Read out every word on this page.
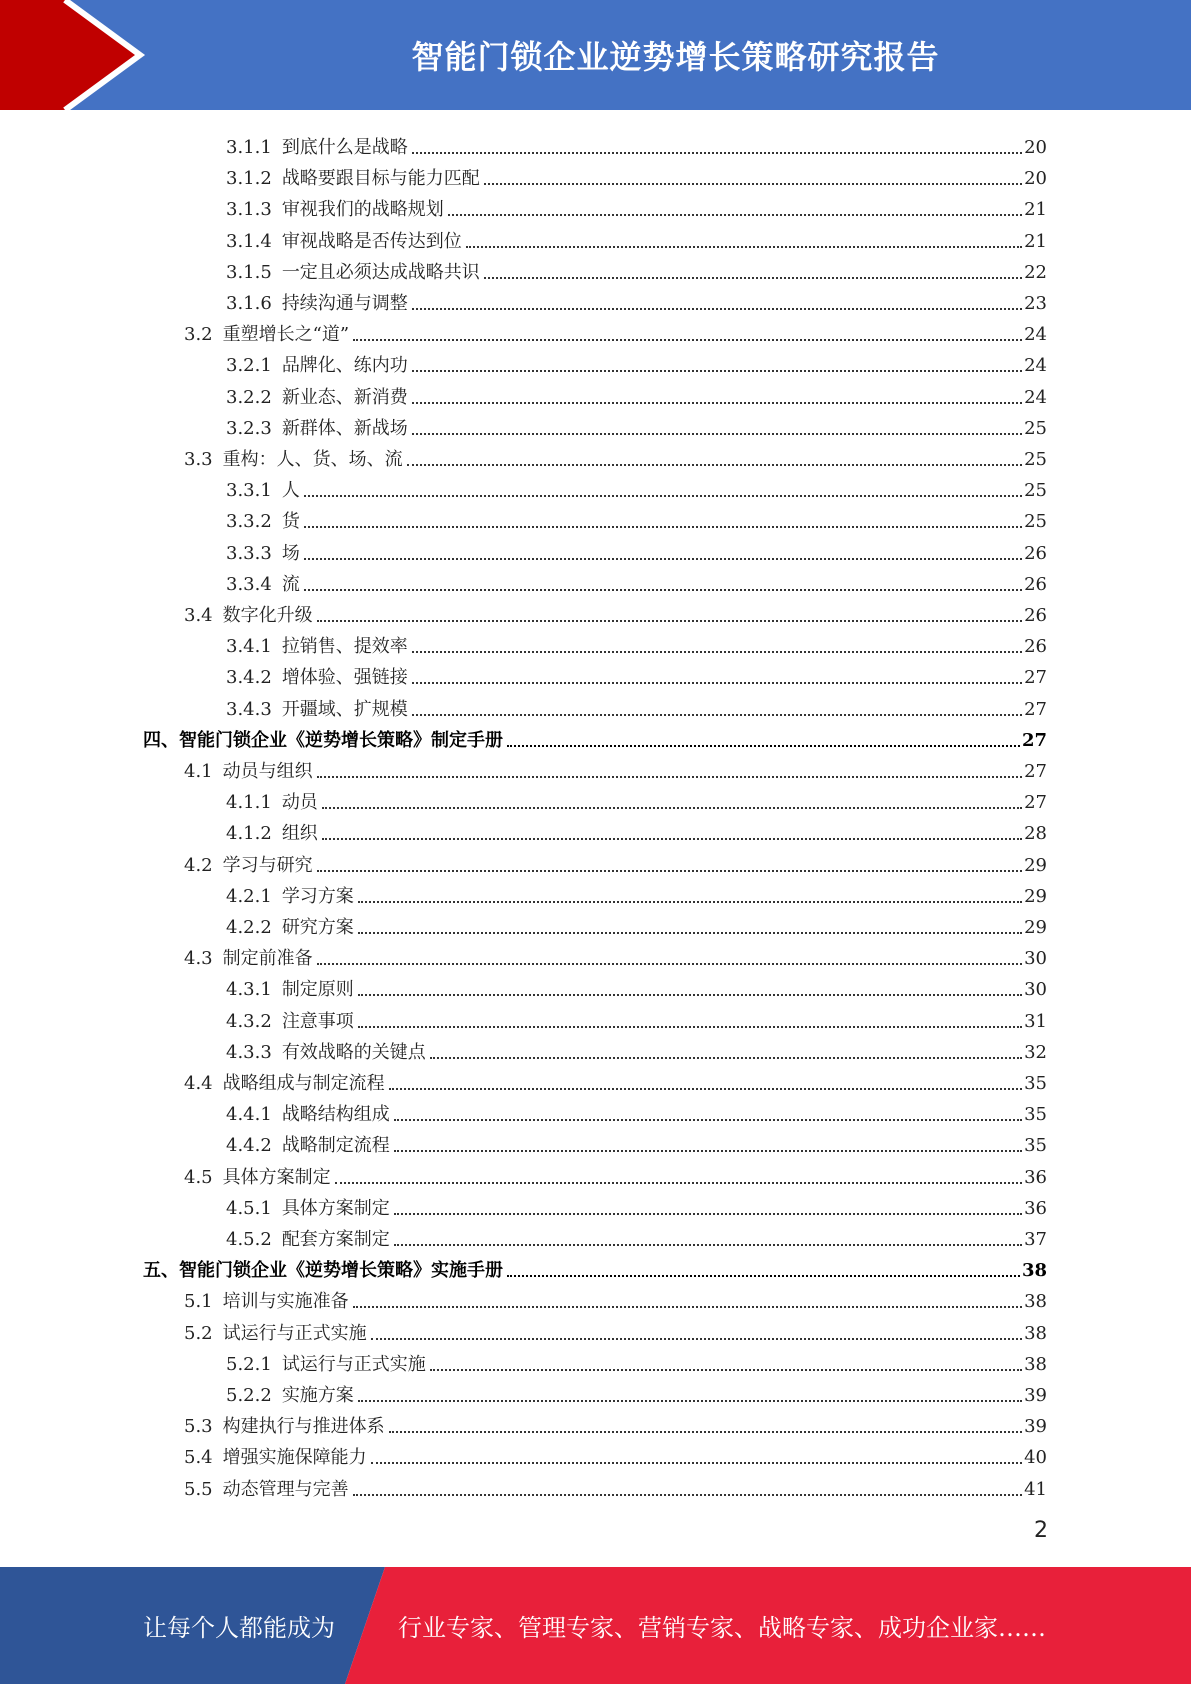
智能门锁企业逆势增长策略研究报告
3.1.1 到底什么是战略	20
3.1.2 战略要跟目标与能力匹配	20
3.1.3 审视我们的战略规划	21
3.1.4 审视战略是否传达到位	21
3.1.5 一定且必须达成战略共识	22
3.1.6 持续沟通与调整	23
3.2 重塑增长之“道”	24
3.2.1 品牌化、练内功	24
3.2.2 新业态、新消费	24
3.2.3 新群体、新战场	25
3.3 重构：人、货、场、流	25
3.3.1 人	25
3.3.2 货	25
3.3.3 场	26
3.3.4 流	26
3.4 数字化升级	26
3.4.1 拉销售、提效率	26
3.4.2 增体验、强链接	27
3.4.3 开疆域、扩规模	27
四、 智能门锁企业《逆势增长策略》制定手册	27
4.1 动员与组织	27
4.1.1 动员	27
4.1.2 组织	28
4.2 学习与研究	29
4.2.1 学习方案	29
4.2.2 研究方案	29
4.3 制定前准备	30
4.3.1 制定原则	30
4.3.2 注意事项	31
4.3.3 有效战略的关键点	32
4.4 战略组成与制定流程	35
4.4.1 战略结构组成	35
4.4.2 战略制定流程	35
4.5 具体方案制定	36
4.5.1 具体方案制定	36
4.5.2 配套方案制定	37
五、 智能门锁企业《逆势增长策略》实施手册	38
5.1 培训与实施准备	38
5.2 试运行与正式实施	38
5.2.1 试运行与正式实施	38
5.2.2 实施方案	39
5.3 构建执行与推进体系	39
5.4 增强实施保障能力	40
5.5 动态管理与完善	41
2
让每个人都能成为	行业专家、管理专家、营销专家、战略专家、成功企业家……
